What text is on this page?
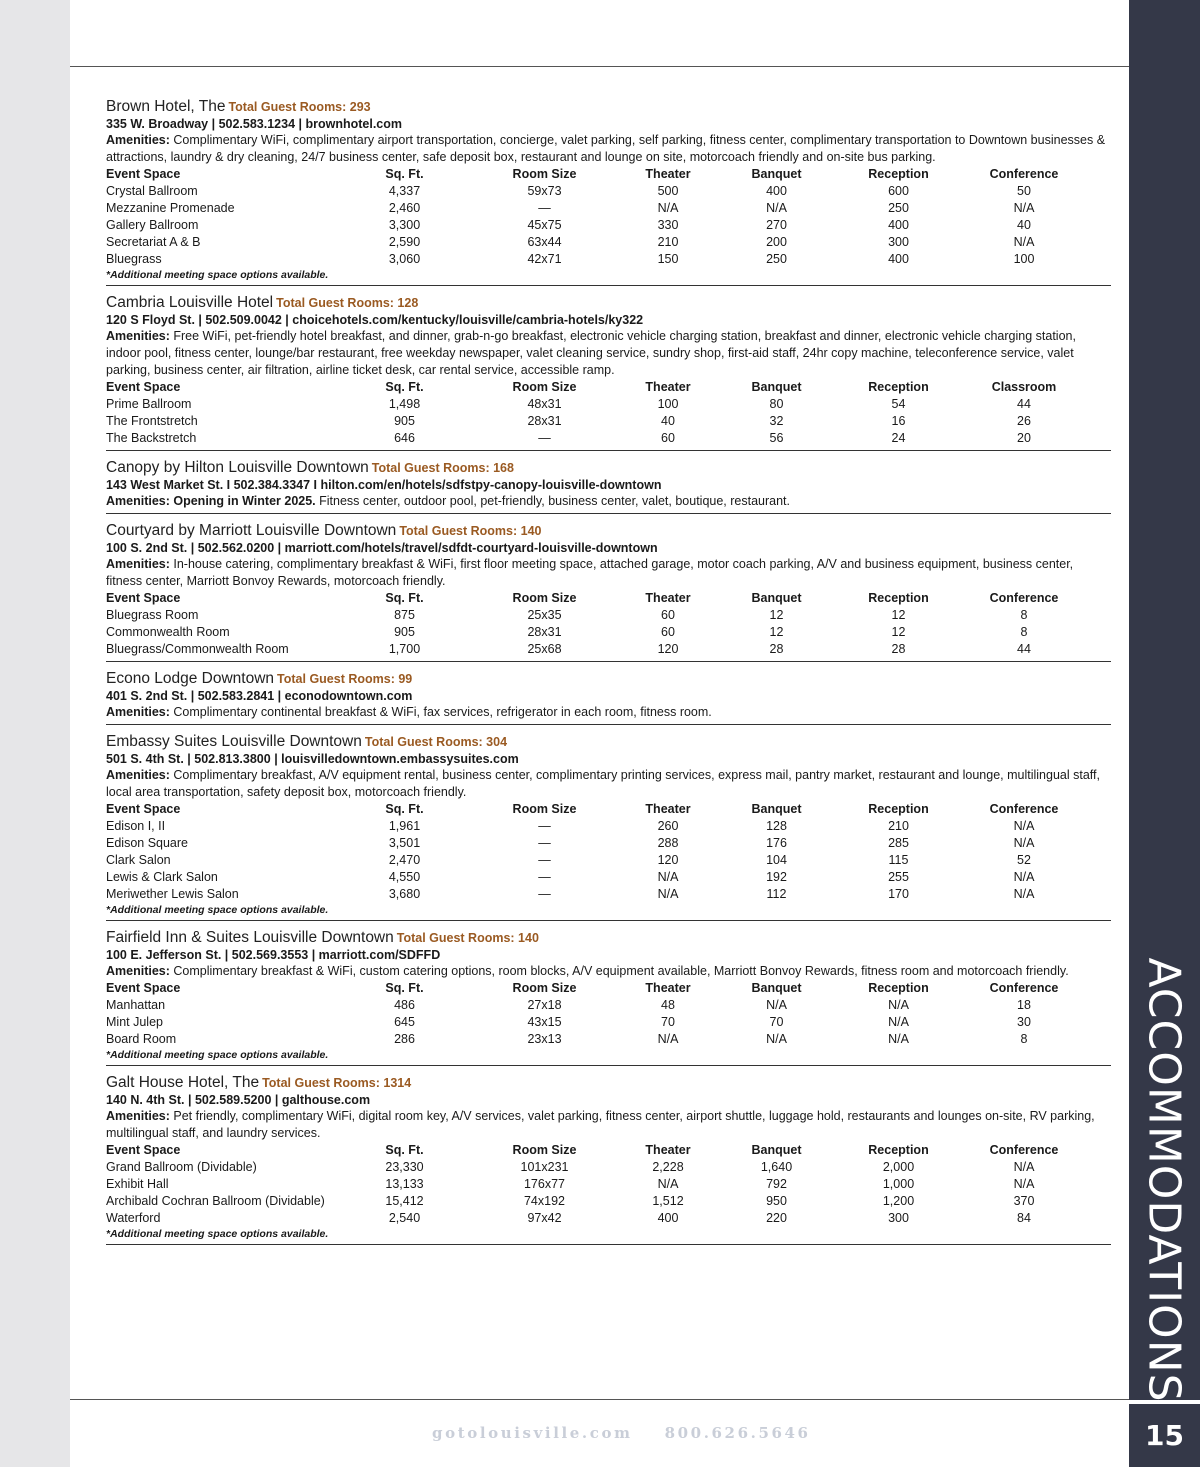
Brown Hotel, The Total Guest Rooms: 293
335 W. Broadway | 502.583.1234 | brownhotel.com
Amenities: Complimentary WiFi, complimentary airport transportation, concierge, valet parking, self parking, fitness center, complimentary transportation to Downtown businesses & attractions, laundry & dry cleaning, 24/7 business center, safe deposit box, restaurant and lounge on site, motorcoach friendly and on-site bus parking.
Event Space	Sq. Ft.	Room Size	Theater	Banquet	Reception	Conference
Crystal Ballroom	4,337	59x73	500	400	600	50
Mezzanine Promenade	2,460	—	N/A	N/A	250	N/A
Gallery Ballroom	3,300	45x75	330	270	400	40
Secretariat A & B	2,590	63x44	210	200	300	N/A
Bluegrass	3,060	42x71	150	250	400	100
*Additional meeting space options available.
Cambria Louisville Hotel Total Guest Rooms: 128
120 S Floyd St. | 502.509.0042 | choicehotels.com/kentucky/louisville/cambria-hotels/ky322
Amenities: Free WiFi, pet-friendly hotel breakfast, and dinner, grab-n-go breakfast, electronic vehicle charging station, breakfast and dinner, electronic vehicle charging station, indoor pool, fitness center, lounge/bar restaurant, free weekday newspaper, valet cleaning service, sundry shop, first-aid staff, 24hr copy machine, teleconference service, valet parking, business center, air filtration, airline ticket desk, car rental service, accessible ramp.
Event Space	Sq. Ft.	Room Size	Theater	Banquet	Reception	Classroom
Prime Ballroom	1,498	48x31	100	80	54	44
The Frontstretch	905	28x31	40	32	16	26
The Backstretch	646	—	60	56	24	20
Canopy by Hilton Louisville Downtown Total Guest Rooms: 168
143 West Market St. I 502.384.3347 I hilton.com/en/hotels/sdfstpy-canopy-louisville-downtown
Amenities: Opening in Winter 2025. Fitness center, outdoor pool, pet-friendly, business center, valet, boutique, restaurant.
Courtyard by Marriott Louisville Downtown Total Guest Rooms: 140
100 S. 2nd St. | 502.562.0200 | marriott.com/hotels/travel/sdfdt-courtyard-louisville-downtown
Amenities: In-house catering, complimentary breakfast & WiFi, first floor meeting space, attached garage, motor coach parking, A/V and business equipment, business center, fitness center, Marriott Bonvoy Rewards, motorcoach friendly.
Event Space	Sq. Ft.	Room Size	Theater	Banquet	Reception	Conference
Bluegrass Room	875	25x35	60	12	12	8
Commonwealth Room	905	28x31	60	12	12	8
Bluegrass/Commonwealth Room	1,700	25x68	120	28	28	44
Econo Lodge Downtown Total Guest Rooms: 99
401 S. 2nd St. | 502.583.2841 | econodowntown.com
Amenities: Complimentary continental breakfast & WiFi, fax services, refrigerator in each room, fitness room.
Embassy Suites Louisville Downtown Total Guest Rooms: 304
501 S. 4th St. | 502.813.3800 | louisvilledowntown.embassysuites.com
Amenities: Complimentary breakfast, A/V equipment rental, business center, complimentary printing services, express mail, pantry market, restaurant and lounge, multilingual staff, local area transportation, safety deposit box, motorcoach friendly.
Event Space	Sq. Ft.	Room Size	Theater	Banquet	Reception	Conference
Edison I, II	1,961	—	260	128	210	N/A
Edison Square	3,501	—	288	176	285	N/A
Clark Salon	2,470	—	120	104	115	52
Lewis & Clark Salon	4,550	—	N/A	192	255	N/A
Meriwether Lewis Salon	3,680	—	N/A	112	170	N/A
*Additional meeting space options available.
Fairfield Inn & Suites Louisville Downtown Total Guest Rooms: 140
100 E. Jefferson St. | 502.569.3553 | marriott.com/SDFFD
Amenities: Complimentary breakfast & WiFi, custom catering options, room blocks, A/V equipment available, Marriott Bonvoy Rewards, fitness room and motorcoach friendly.
Event Space	Sq. Ft.	Room Size	Theater	Banquet	Reception	Conference
Manhattan	486	27x18	48	N/A	N/A	18
Mint Julep	645	43x15	70	70	N/A	30
Board Room	286	23x13	N/A	N/A	N/A	8
*Additional meeting space options available.
Galt House Hotel, The Total Guest Rooms: 1314
140 N. 4th St. | 502.589.5200 | galthouse.com
Amenities: Pet friendly, complimentary WiFi, digital room key, A/V services, valet parking, fitness center, airport shuttle, luggage hold, restaurants and lounges on-site, RV parking, multilingual staff, and laundry services.
Event Space	Sq. Ft.	Room Size	Theater	Banquet	Reception	Conference
Grand Ballroom (Dividable)	23,330	101x231	2,228	1,640	2,000	N/A
Exhibit Hall	13,133	176x77	N/A	792	1,000	N/A
Archibald Cochran Ballroom (Dividable)	15,412	74x192	1,512	950	1,200	370
Waterford	2,540	97x42	400	220	300	84
*Additional meeting space options available.
gotolouisville.com 800.626.5646
ACCOMMODATIONS
15
